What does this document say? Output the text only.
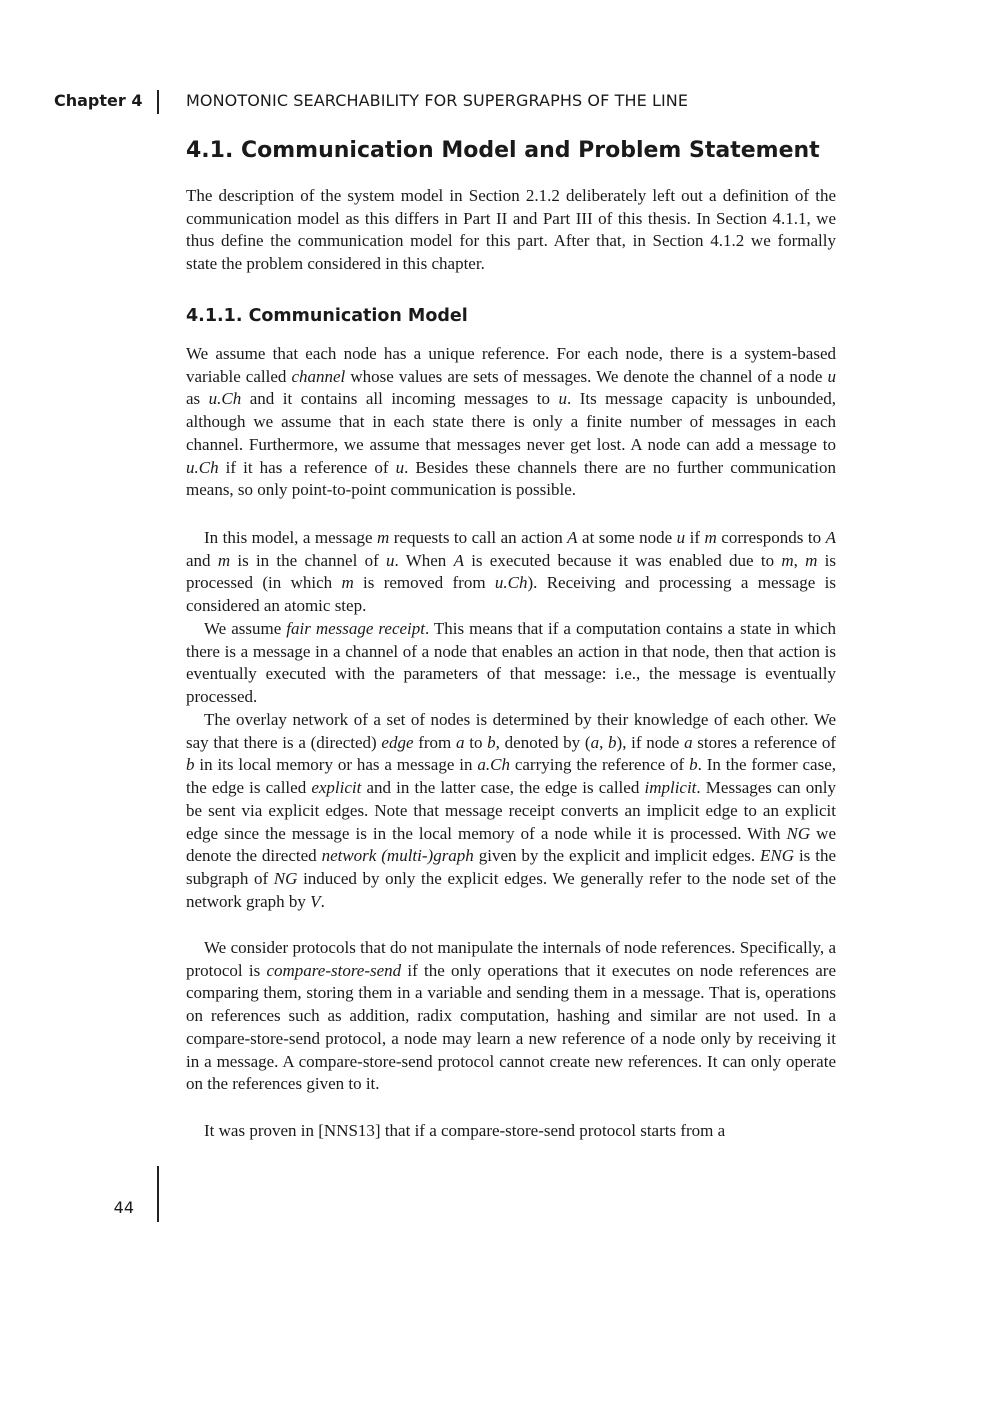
Chapter 4	MONOTONIC SEARCHABILITY FOR SUPERGRAPHS OF THE LINE
4.1. Communication Model and Problem Statement

The description of the system model in Section 2.1.2 deliberately left out a definition of the communication model as this differs in Part II and Part III of this thesis. In Section 4.1.1, we thus define the communication model for this part. After that, in Section 4.1.2 we formally state the problem considered in this chapter.

4.1.1. Communication Model

We assume that each node has a unique reference. For each node, there is a system-based variable called channel whose values are sets of messages. We denote the channel of a node u as u.Ch and it contains all incoming messages to u. Its message capacity is unbounded, although we assume that in each state there is only a finite number of messages in each channel. Furthermore, we assume that messages never get lost. A node can add a message to u.Ch if it has a reference of u. Besides these channels there are no further communication means, so only point-to-point communication is possible.

In this model, a message m requests to call an action A at some node u if m corresponds to A and m is in the channel of u. When A is executed because it was enabled due to m, m is processed (in which m is removed from u.Ch). Receiving and processing a message is considered an atomic step.

We assume fair message receipt. This means that if a computation contains a state in which there is a message in a channel of a node that enables an action in that node, then that action is eventually executed with the parameters of that message: i.e., the message is eventually processed.

The overlay network of a set of nodes is determined by their knowledge of each other. We say that there is a (directed) edge from a to b, denoted by (a, b), if node a stores a reference of b in its local memory or has a message in a.Ch carrying the reference of b. In the former case, the edge is called explicit and in the latter case, the edge is called implicit. Messages can only be sent via explicit edges. Note that message receipt converts an implicit edge to an explicit edge since the message is in the local memory of a node while it is processed. With NG we denote the directed network (multi-)graph given by the explicit and implicit edges. ENG is the subgraph of NG induced by only the explicit edges. We generally refer to the node set of the network graph by V.

We consider protocols that do not manipulate the internals of node references. Specifically, a protocol is compare-store-send if the only operations that it executes on node references are comparing them, storing them in a variable and sending them in a message. That is, operations on references such as addition, radix computation, hashing and similar are not used. In a compare-store-send protocol, a node may learn a new reference of a node only by receiving it in a message. A compare-store-send protocol cannot create new references. It can only operate on the references given to it.

It was proven in [NNS13] that if a compare-store-send protocol starts from a

44
